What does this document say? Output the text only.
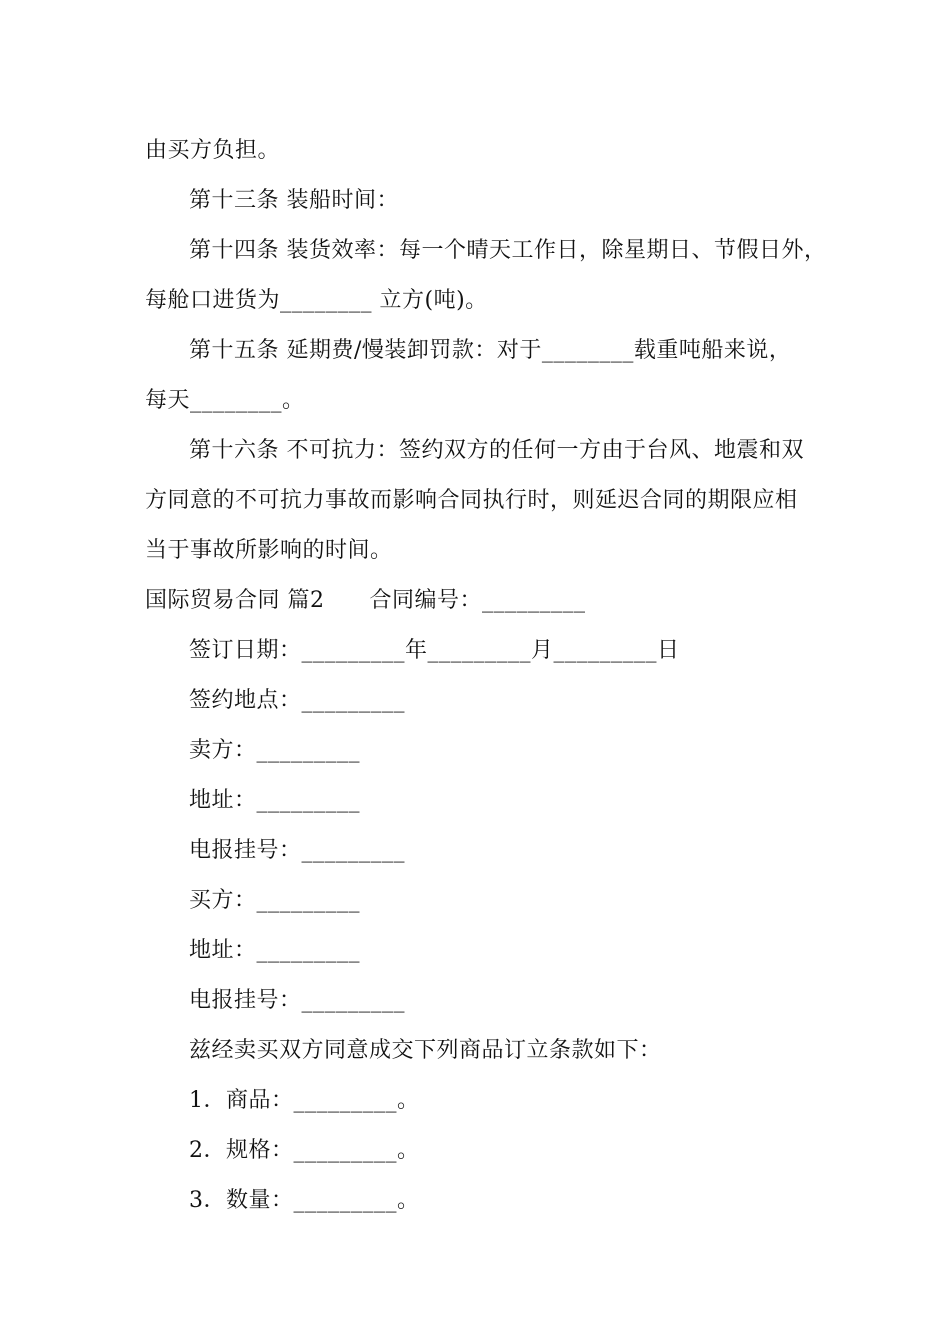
由买方负担。
第十三条 装船时间：
第十四条 装货效率：每一个晴天工作日，除星期日、节假日外，
每舱口进货为________ 立方(吨)。
第十五条 延期费/慢装卸罚款：对于________载重吨船来说，
每天________。
第十六条 不可抗力：签约双方的任何一方由于台风、地震和双
方同意的不可抗力事故而影响合同执行时，则延迟合同的期限应相
当于事故所影响的时间。
国际贸易合同 篇2      合同编号：_________
签订日期：_________年_________月_________日
签约地点：_________
卖方：_________
地址：_________
电报挂号：_________
买方：_________
地址：_________
电报挂号：_________
兹经卖买双方同意成交下列商品订立条款如下：
1．商品：_________。
2．规格：_________。
3．数量：_________。
